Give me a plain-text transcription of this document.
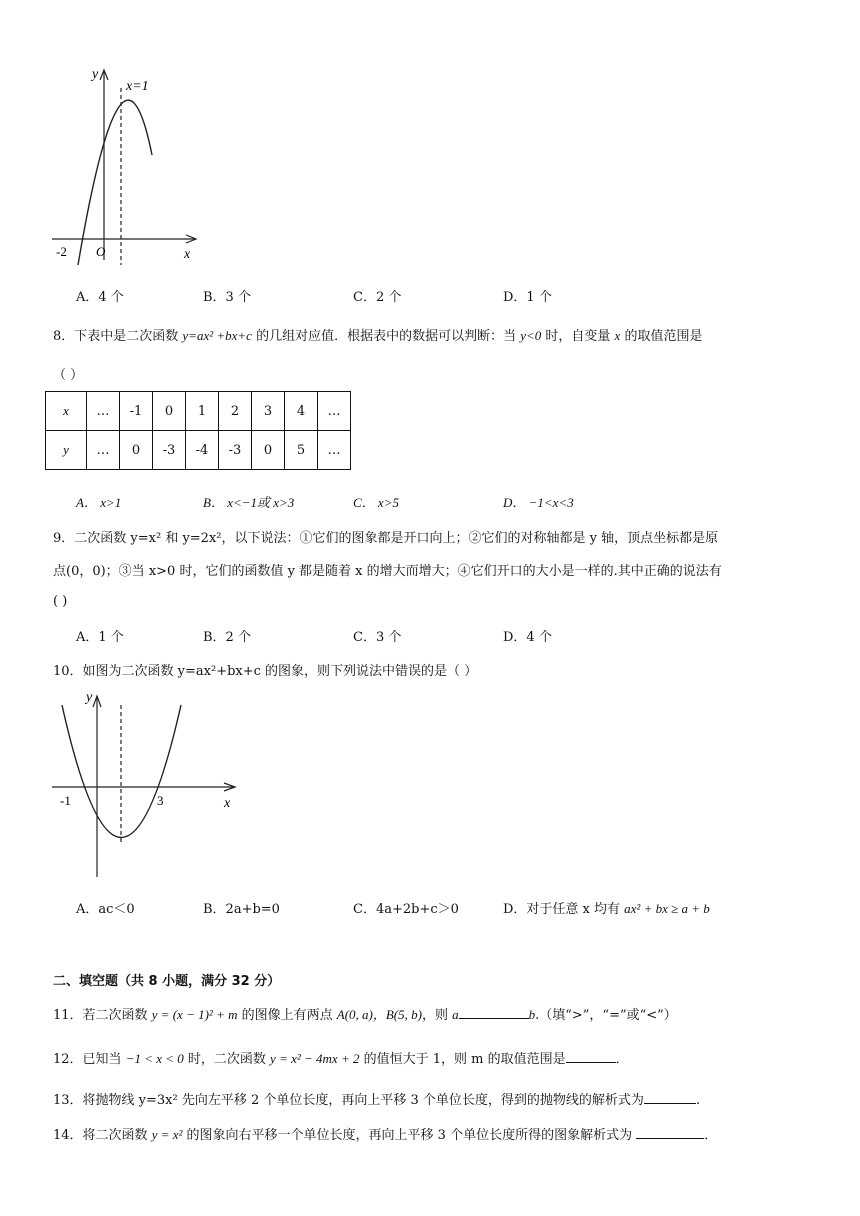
y
x=1
O
-2	x
A．4 个	B．3 个	C．2 个	D．1 个
8．下表中是二次函数 y=ax² +bx+c 的几组对应值．根据表中的数据可以判断：当 y<0 时，自变量 x 的取值范围是
（ ）
x	…	-1	0	1	2	3	4	…
y	…	0	-3	-4	-3	0	5	…
A． x>1	B． x<−1或 x>3	C． x>5	D． −1<x<3
9．二次函数 y=x² 和 y=2x²，以下说法：①它们的图象都是开口向上；②它们的对称轴都是 y 轴，顶点坐标都是原
点(0，0)；③当 x>0 时，它们的函数值 y 都是随着 x 的增大而增大；④它们开口的大小是一样的.其中正确的说法有
( )
A．1 个	B．2 个	C．3 个	D．4 个
10．如图为二次函数 y=ax²+bx+c 的图象，则下列说法中错误的是（ ）
y
-1	3	x
A．ac＜0	B．2a+b=0	C．4a+2b+c＞0	D．对于任意 x 均有 ax² + bx ≥ a + b
二、填空题（共 8 小题，满分 32 分）
11．若二次函数 y = (x − 1)² + m 的图像上有两点 A(0, a)，B(5, b)，则 a	b.（填“>”，“=”或“<”）
12．已知当 −1 < x < 0 时，二次函数 y = x² − 4mx + 2 的值恒大于 1，则 m 的取值范围是	．
13．将抛物线 y=3x² 先向左平移 2 个单位长度，再向上平移 3 个单位长度，得到的抛物线的解析式为	.
14．将二次函数 y = x² 的图象向右平移一个单位长度，再向上平移 3 个单位长度所得的图象解析式为	．
